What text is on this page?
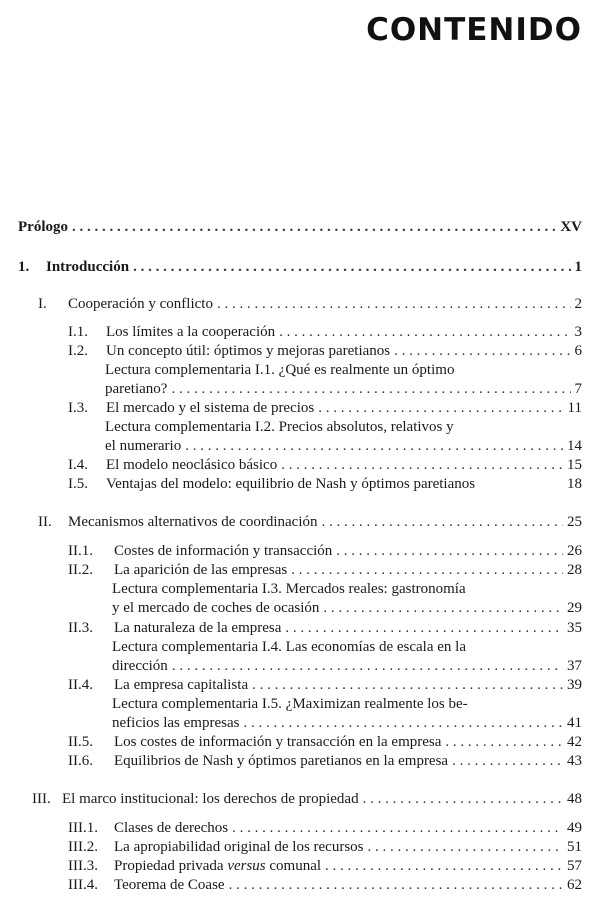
CONTENIDO
Prólogo . . .	XV
1.	Introducción . . .	1
I.	Cooperación y conflicto . . .	2
I.1.	Los límites a la cooperación . . .	3
I.2.	Un concepto útil: óptimos y mejoras paretianos . . .	6
Lectura complementaria I.1. ¿Qué es realmente un óptimo
paretiano? . . .	7
I.3.	El mercado y el sistema de precios . . .	11
Lectura complementaria I.2. Precios absolutos, relativos y
el numerario . . .	14
I.4.	El modelo neoclásico básico . . .	15
I.5.	Ventajas del modelo: equilibrio de Nash y óptimos paretianos	18
II.	Mecanismos alternativos de coordinación . . .	25
II.1.	Costes de información y transacción . . .	26
II.2.	La aparición de las empresas . . .	28
Lectura complementaria I.3. Mercados reales: gastronomía
y el mercado de coches de ocasión . . .	29
II.3.	La naturaleza de la empresa . . .	35
Lectura complementaria I.4. Las economías de escala en la
dirección . . .	37
II.4.	La empresa capitalista . . .	39
Lectura complementaria I.5. ¿Maximizan realmente los be-
neficios las empresas . . .	41
II.5.	Los costes de información y transacción en la empresa . . .	42
II.6.	Equilibrios de Nash y óptimos paretianos en la empresa . . .	43
III. El marco institucional: los derechos de propiedad . . .	48
III.1.	Clases de derechos . . .	49
III.2.	La apropiabilidad original de los recursos . . .	51
III.3.	Propiedad privada versus comunal . . .	57
III.4.	Teorema de Coase . . .	62
